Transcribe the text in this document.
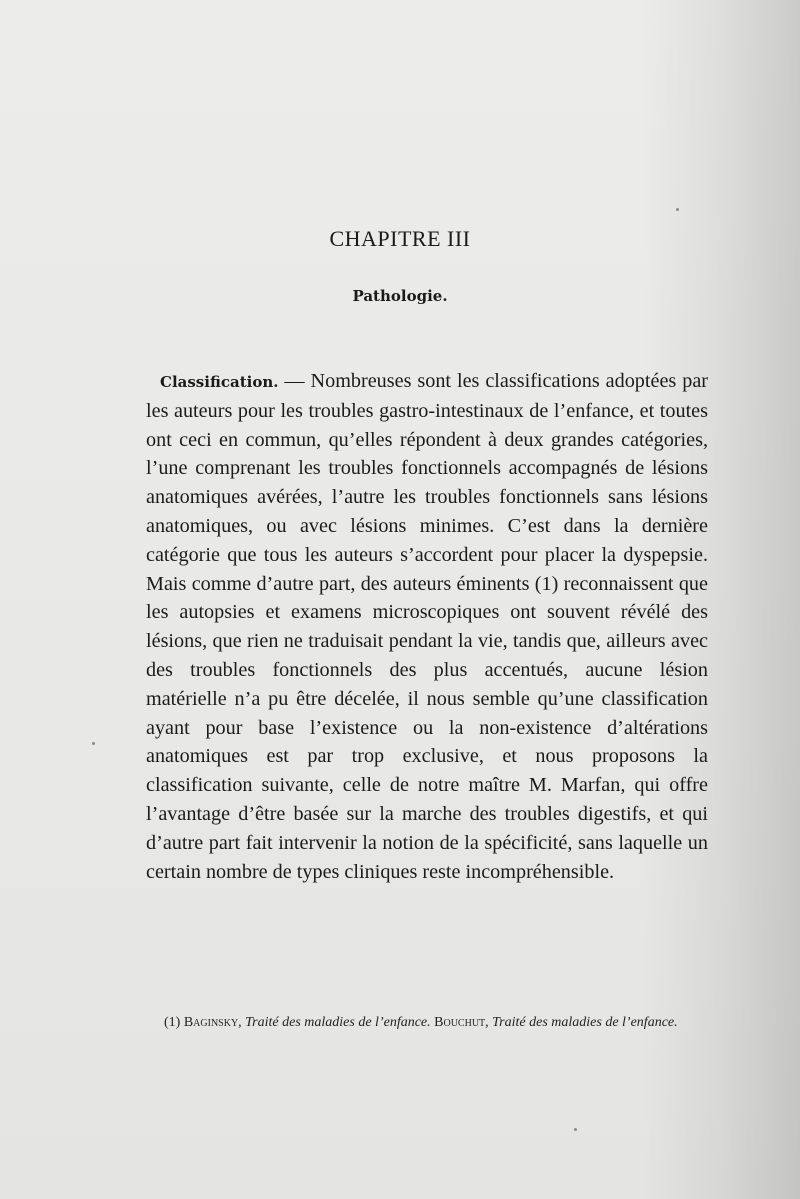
CHAPITRE III
Pathologie.

Classification. — Nombreuses sont les classifications adoptées par les auteurs pour les troubles gastro-intestinaux de l’enfance, et toutes ont ceci en commun, qu’elles répondent à deux grandes catégories, l’une comprenant les troubles fonctionnels accompagnés de lésions anatomiques avérées, l’autre les troubles fonctionnels sans lésions anatomiques, ou avec lésions minimes. C’est dans la dernière catégorie que tous les auteurs s’accordent pour placer la dyspepsie. Mais comme d’autre part, des auteurs éminents (1) reconnaissent que les autopsies et examens microscopiques ont souvent révélé des lésions, que rien ne traduisait pendant la vie, tandis que, ailleurs avec des troubles fonctionnels des plus accentués, aucune lésion matérielle n’a pu être décelée, il nous semble qu’une classification ayant pour base l’existence ou la non-existence d’altérations anatomiques est par trop exclusive, et nous proposons la classification suivante, celle de notre maître M. Marfan, qui offre l’avantage d’être basée sur la marche des troubles digestifs, et qui d’autre part fait intervenir la notion de la spécificité, sans laquelle un certain nombre de types cliniques reste incompréhensible.

(1) Baginsky, Traité des maladies de l’enfance. Bouchut, Traité des maladies de l’enfance.
